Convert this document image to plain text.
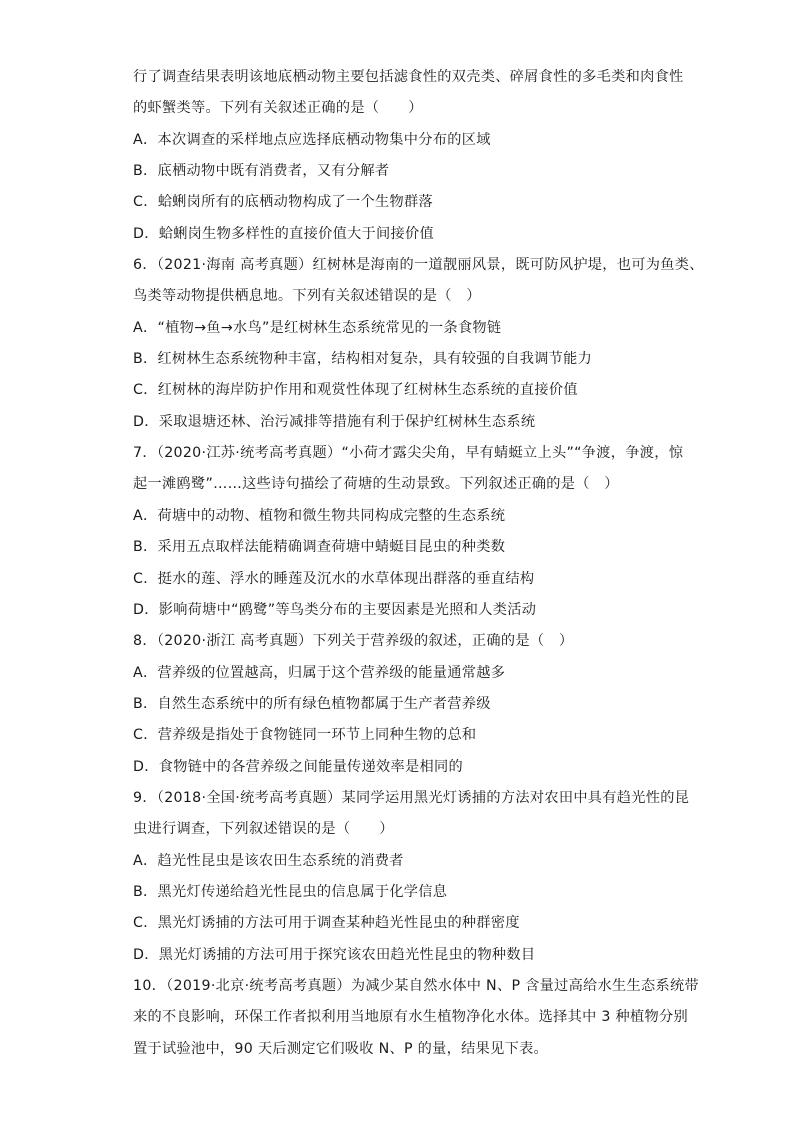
行了调查结果表明该地底栖动物主要包括滤食性的双壳类、碎屑食性的多毛类和肉食性
的虾蟹类等。下列有关叙述正确的是（　　）
A．本次调查的采样地点应选择底栖动物集中分布的区域
B．底栖动物中既有消费者，又有分解者
C．蛤蜊岗所有的底栖动物构成了一个生物群落
D．蛤蜊岗生物多样性的直接价值大于间接价值
6．（2021·海南 高考真题）红树林是海南的一道靓丽风景，既可防风护堤，也可为鱼类、
鸟类等动物提供栖息地。下列有关叙述错误的是（　）
A．“植物→鱼→水鸟”是红树林生态系统常见的一条食物链
B．红树林生态系统物种丰富，结构相对复杂，具有较强的自我调节能力
C．红树林的海岸防护作用和观赏性体现了红树林生态系统的直接价值
D．采取退塘还林、治污减排等措施有利于保护红树林生态系统
7．（2020·江苏·统考高考真题）“小荷才露尖尖角，早有蜻蜓立上头”“争渡，争渡，惊
起一滩鸥鹭”……这些诗句描绘了荷塘的生动景致。下列叙述正确的是（　）
A．荷塘中的动物、植物和微生物共同构成完整的生态系统
B．采用五点取样法能精确调查荷塘中蜻蜓目昆虫的种类数
C．挺水的莲、浮水的睡莲及沉水的水草体现出群落的垂直结构
D．影响荷塘中“鸥鹭”等鸟类分布的主要因素是光照和人类活动
8．（2020·浙江 高考真题）下列关于营养级的叙述，正确的是（　）
A．营养级的位置越高，归属于这个营养级的能量通常越多
B．自然生态系统中的所有绿色植物都属于生产者营养级
C．营养级是指处于食物链同一环节上同种生物的总和
D．食物链中的各营养级之间能量传递效率是相同的
9．（2018·全国·统考高考真题）某同学运用黑光灯诱捕的方法对农田中具有趋光性的昆
虫进行调查，下列叙述错误的是（　　）
A．趋光性昆虫是该农田生态系统的消费者
B．黑光灯传递给趋光性昆虫的信息属于化学信息
C．黑光灯诱捕的方法可用于调查某种趋光性昆虫的种群密度
D．黑光灯诱捕的方法可用于探究该农田趋光性昆虫的物种数目
10．（2019·北京·统考高考真题）为减少某自然水体中 N、P 含量过高给水生生态系统带
来的不良影响，环保工作者拟利用当地原有水生植物净化水体。选择其中 3 种植物分别
置于试验池中，90 天后测定它们吸收 N、P 的量，结果见下表。
